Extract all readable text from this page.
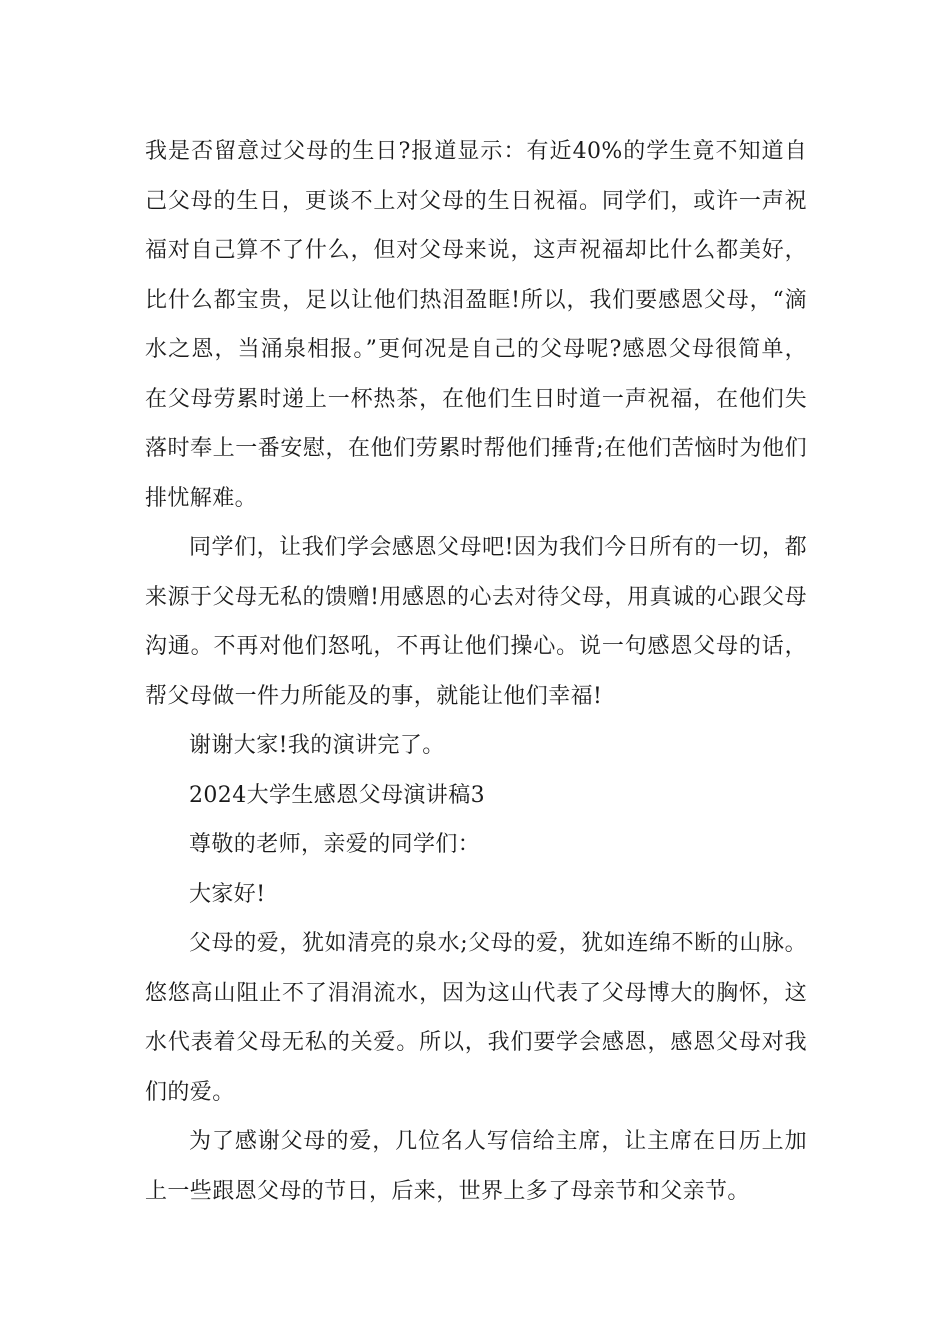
我是否留意过父母的生日?报道显示：有近40%的学生竟不知道自己父母的生日，更谈不上对父母的生日祝福。同学们，或许一声祝福对自己算不了什么，但对父母来说，这声祝福却比什么都美好，比什么都宝贵，足以让他们热泪盈眶!所以，我们要感恩父母，“滴水之恩，当涌泉相报。”更何况是自己的父母呢?感恩父母很简单，在父母劳累时递上一杯热茶，在他们生日时道一声祝福，在他们失落时奉上一番安慰，在他们劳累时帮他们捶背;在他们苦恼时为他们排忧解难。

同学们，让我们学会感恩父母吧!因为我们今日所有的一切，都来源于父母无私的馈赠!用感恩的心去对待父母，用真诚的心跟父母沟通。不再对他们怒吼，不再让他们操心。说一句感恩父母的话，帮父母做一件力所能及的事，就能让他们幸福!

谢谢大家!我的演讲完了。

2024大学生感恩父母演讲稿3

尊敬的老师，亲爱的同学们：

大家好!

父母的爱，犹如清亮的泉水;父母的爱，犹如连绵不断的山脉。悠悠高山阻止不了涓涓流水，因为这山代表了父母博大的胸怀，这水代表着父母无私的关爱。所以，我们要学会感恩，感恩父母对我们的爱。

为了感谢父母的爱，几位名人写信给主席，让主席在日历上加上一些跟恩父母的节日，后来，世界上多了母亲节和父亲节。
